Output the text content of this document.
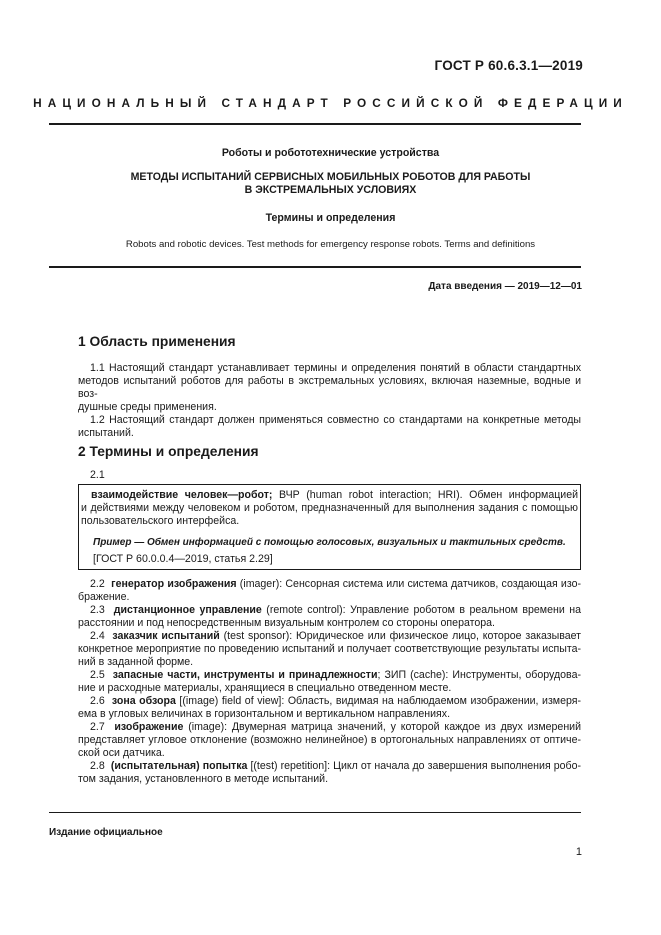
ГОСТ Р 60.6.3.1—2019
НАЦИОНАЛЬНЫЙ СТАНДАРТ РОССИЙСКОЙ ФЕДЕРАЦИИ
Роботы и робототехнические устройства
МЕТОДЫ ИСПЫТАНИЙ СЕРВИСНЫХ МОБИЛЬНЫХ РОБОТОВ ДЛЯ РАБОТЫ
В ЭКСТРЕМАЛЬНЫХ УСЛОВИЯХ
Термины и определения
Robots and robotic devices. Test methods for emergency response robots. Terms and definitions
Дата введения — 2019—12—01
1 Область применения
1.1 Настоящий стандарт устанавливает термины и определения понятий в области стандартных
методов испытаний роботов для работы в экстремальных условиях, включая наземные, водные и воз-
душные среды применения.
1.2 Настоящий стандарт должен применяться совместно со стандартами на конкретные методы
испытаний.
2 Термины и определения
2.1
взаимодействие человек—робот; ВЧР (human robot interaction; HRI). Обмен информацией
и действиями между человеком и роботом, предназначенный для выполнения задания с помощью
пользовательского интерфейса.
Пример — Обмен информацией с помощью голосовых, визуальных и тактильных средств.
[ГОСТ Р 60.0.0.4—2019, статья 2.29]
2.2 генератор изображения (imager): Сенсорная система или система датчиков, создающая изо-
бражение.
2.3 дистанционное управление (remote control): Управление роботом в реальном времени на
расстоянии и под непосредственным визуальным контролем со стороны оператора.
2.4 заказчик испытаний (test sponsor): Юридическое или физическое лицо, которое заказывает
конкретное мероприятие по проведению испытаний и получает соответствующие результаты испыта-
ний в заданной форме.
2.5 запасные части, инструменты и принадлежности; ЗИП (cache): Инструменты, оборудова-
ние и расходные материалы, хранящиеся в специально отведенном месте.
2.6 зона обзора [(image) field of view]: Область, видимая на наблюдаемом изображении, измеря-
ема в угловых величинах в горизонтальном и вертикальном направлениях.
2.7 изображение (image): Двумерная матрица значений, у которой каждое из двух измерений
представляет угловое отклонение (возможно нелинейное) в ортогональных направлениях от оптиче-
ской оси датчика.
2.8 (испытательная) попытка [(test) repetition]: Цикл от начала до завершения выполнения робо-
том задания, установленного в методе испытаний.
Издание официальное
1
